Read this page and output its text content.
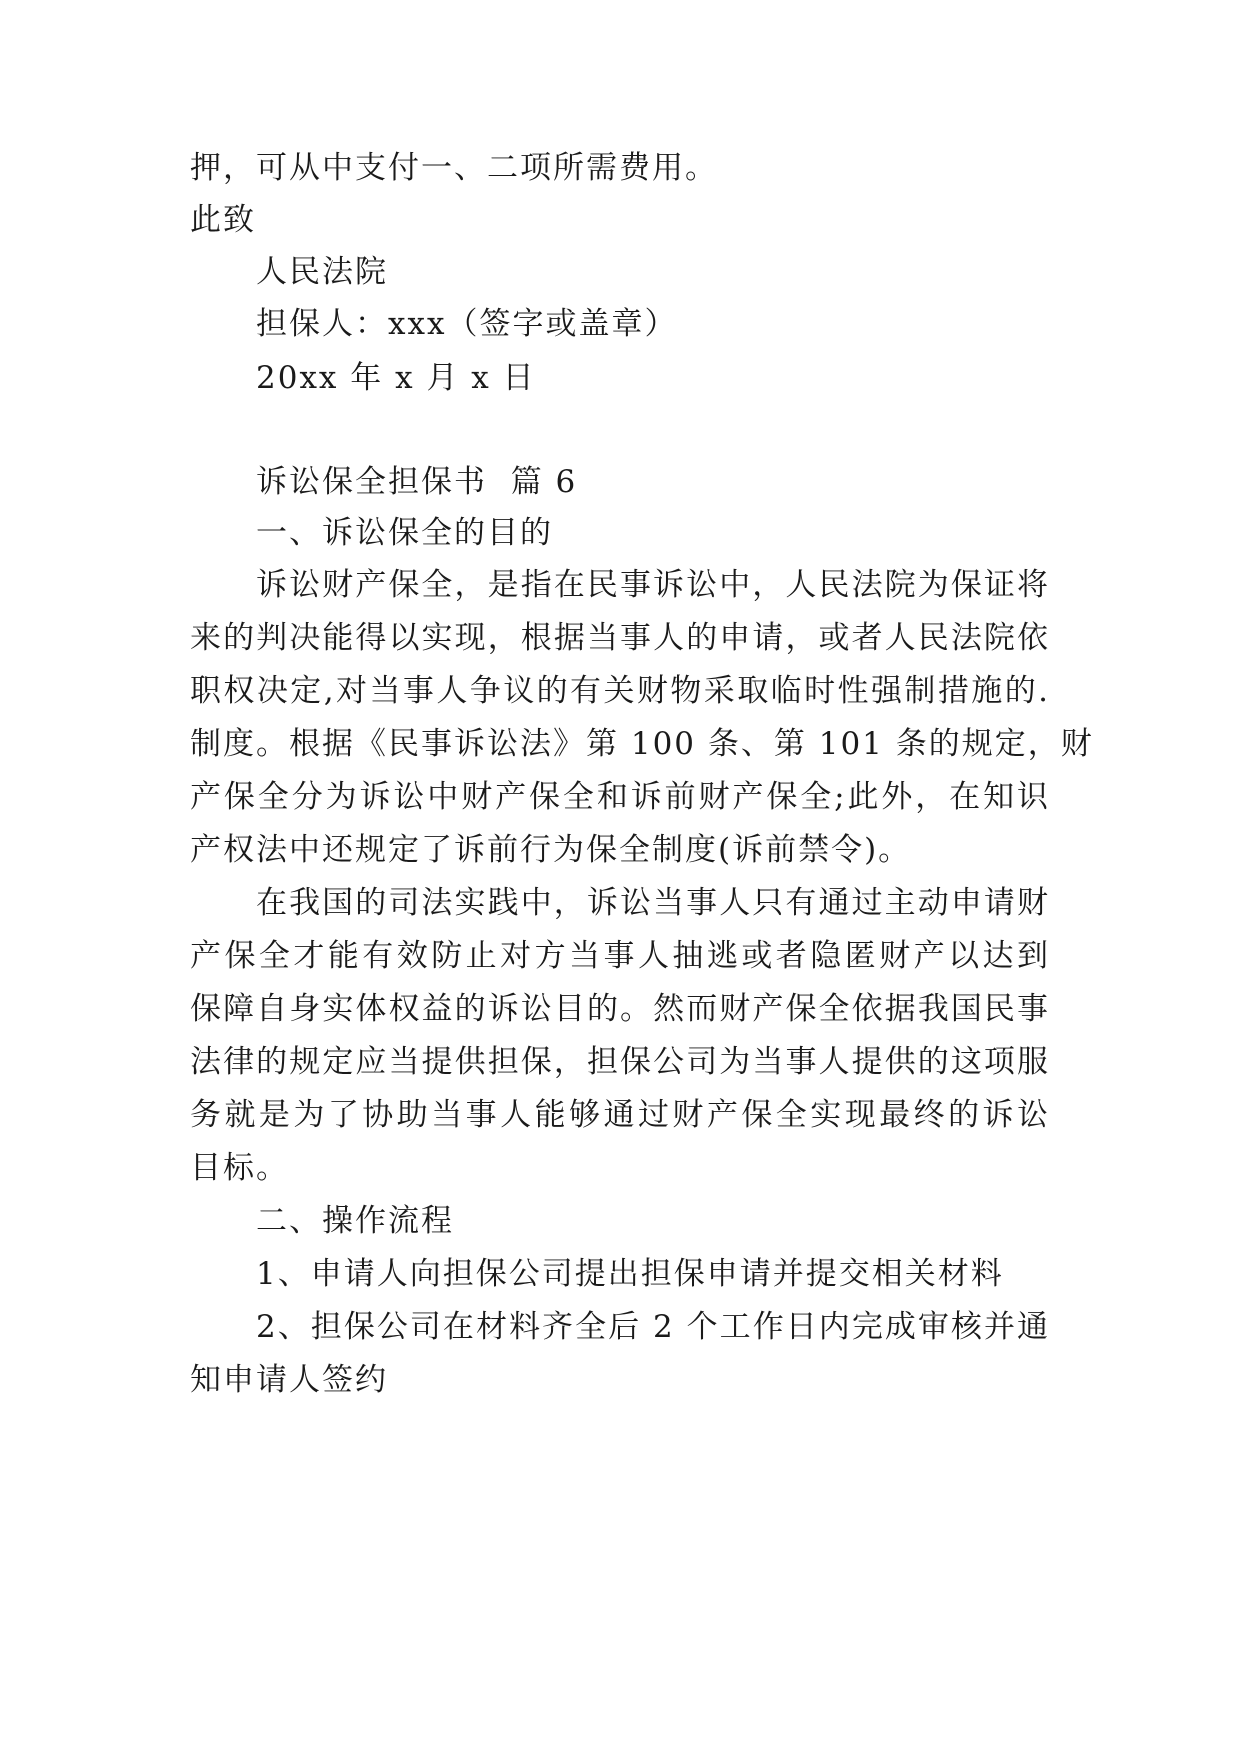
押，可从中支付一、二项所需费用。
此致
人民法院
担保人：xxx（签字或盖章）
20xx 年 x 月 x 日
诉讼保全担保书  篇 6
一、诉讼保全的目的
诉讼财产保全，是指在民事诉讼中，人民法院为保证将
来的判决能得以实现，根据当事人的申请，或者人民法院依
职权决定,对当事人争议的有关财物采取临时性强制措施的.
制度。根据《民事诉讼法》第 100 条、第 101 条的规定，财
产保全分为诉讼中财产保全和诉前财产保全;此外，在知识
产权法中还规定了诉前行为保全制度(诉前禁令)。
在我国的司法实践中，诉讼当事人只有通过主动申请财
产保全才能有效防止对方当事人抽逃或者隐匿财产以达到
保障自身实体权益的诉讼目的。然而财产保全依据我国民事
法律的规定应当提供担保，担保公司为当事人提供的这项服
务就是为了协助当事人能够通过财产保全实现最终的诉讼
目标。
二、操作流程
1、申请人向担保公司提出担保申请并提交相关材料
2、担保公司在材料齐全后 2 个工作日内完成审核并通
知申请人签约
